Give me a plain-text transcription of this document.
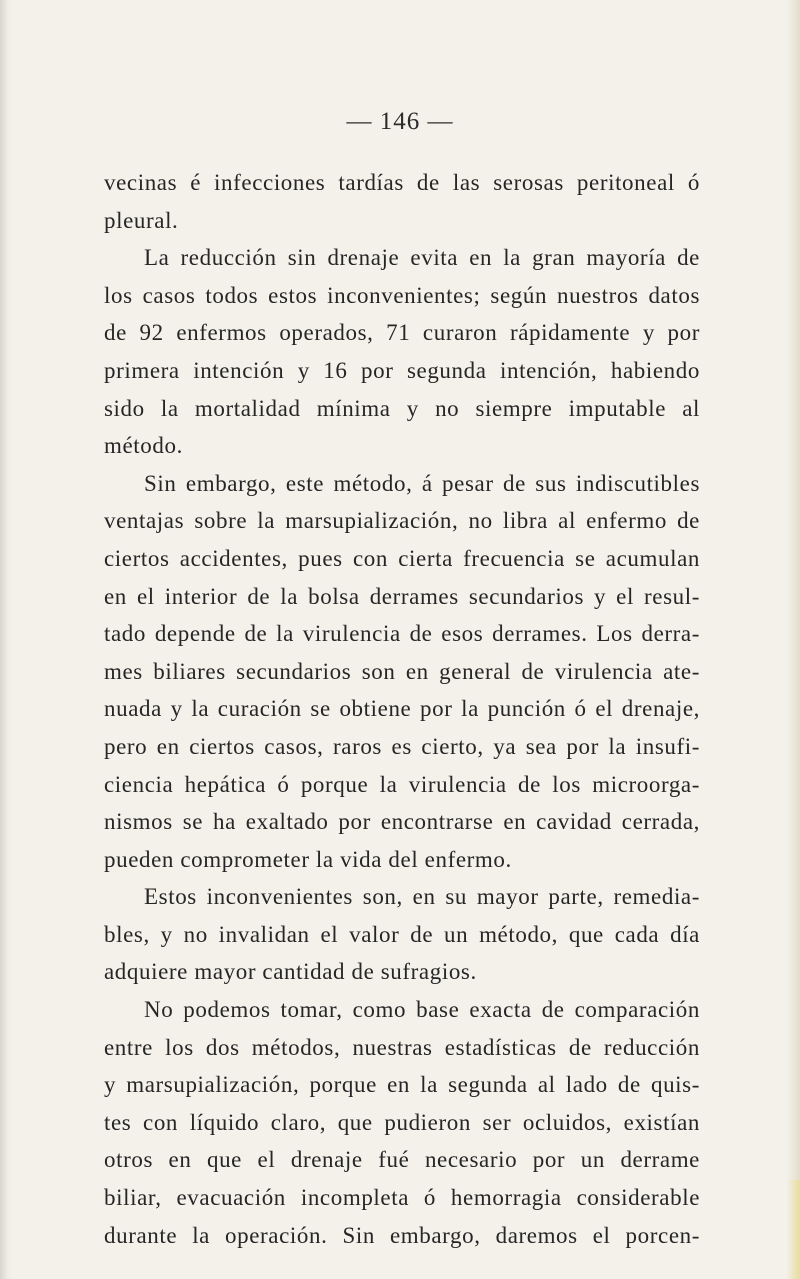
— 146 —

vecinas é infecciones tardías de las serosas peritoneal ó

pleural.

La reducción sin drenaje evita en la gran mayoría de

los casos todos estos inconvenientes; según nuestros datos

de 92 enfermos operados, 71 curaron rápidamente y por

primera intención y 16 por segunda intención, habiendo

sido la mortalidad mínima y no siempre imputable al

método.

Sin embargo, este método, á pesar de sus indiscutibles

ventajas sobre la marsupialización, no libra al enfermo de

ciertos accidentes, pues con cierta frecuencia se acumulan

en el interior de la bolsa derrames secundarios y el resul-

tado depende de la virulencia de esos derrames. Los derra-

mes biliares secundarios son en general de virulencia ate-

nuada y la curación se obtiene por la punción ó el drenaje,

pero en ciertos casos, raros es cierto, ya sea por la insufi-

ciencia hepática ó porque la virulencia de los microorga-

nismos se ha exaltado por encontrarse en cavidad cerrada,

pueden comprometer la vida del enfermo.

Estos inconvenientes son, en su mayor parte, remedia-

bles, y no invalidan el valor de un método, que cada día

adquiere mayor cantidad de sufragios.

No podemos tomar, como base exacta de comparación

entre los dos métodos, nuestras estadísticas de reducción

y marsupialización, porque en la segunda al lado de quis-

tes con líquido claro, que pudieron ser ocluidos, existían

otros en que el drenaje fué necesario por un derrame

biliar, evacuación incompleta ó hemorragia considerable

durante la operación. Sin embargo, daremos el porcen-
